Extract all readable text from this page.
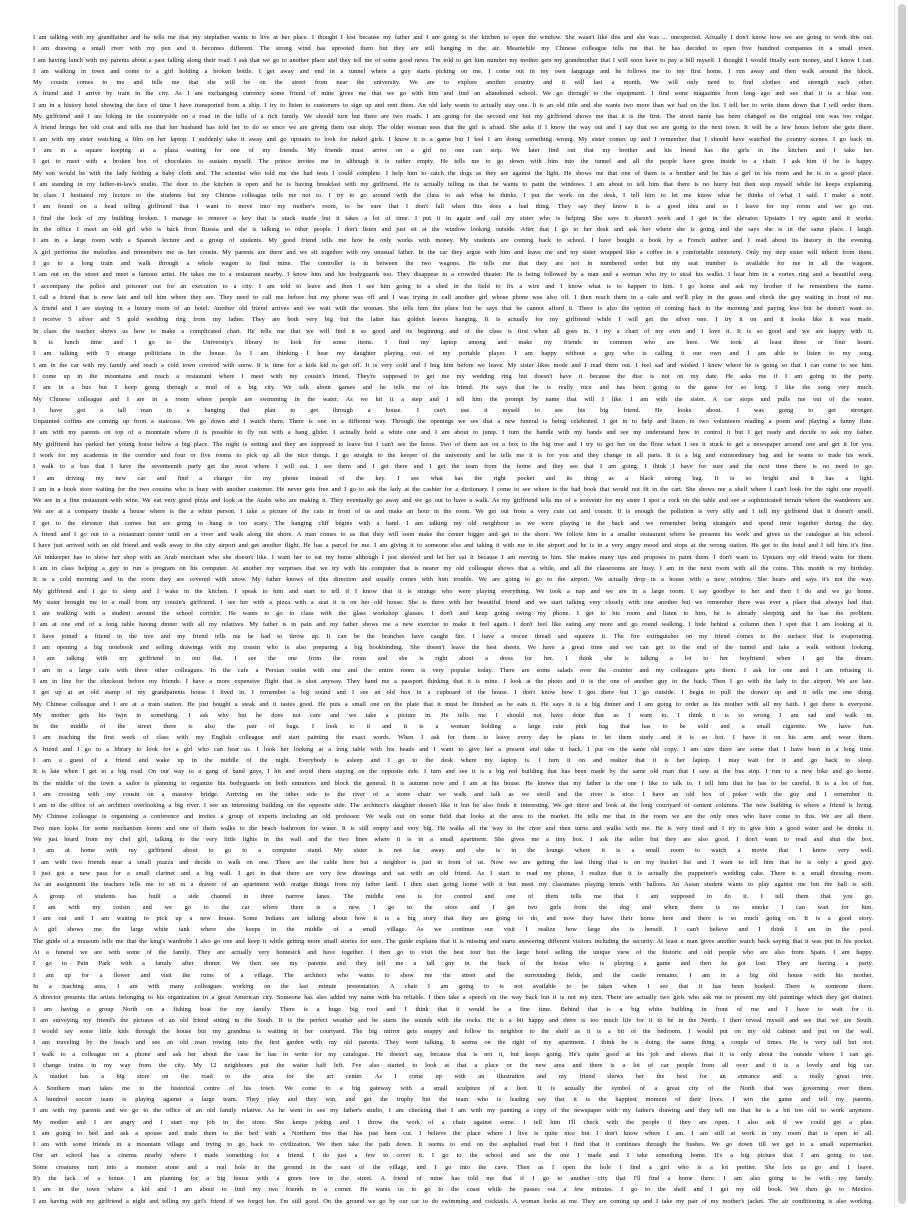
I am talking with my grandfather and he tells me that my stepfather wants to live at her place. I thought I lost because my father and I are going to the kitchen to open the window. She wasn't like this and she was ... unexpected. Actually I don't know how we are going to work this out.
I am drawing a small river with my pen and it becomes different. The strong wind has uprooted them but they are still hanging in the air. Meanwhile my Chinese colleague tells me that he has decided to open five hundred companies in a small town.
I am having lunch with my parents about a past falling along their road. I ask that we go to another place and they tell me of some good news. I'm told to get him number my mother gets my grandmother that I will soon have to pay a bill myself. I thought I would finally earn money, and I know I can.
I am walking in town and come to a girl holding a broken bottle. I get away and end in a tunnel where a guy starts picking on me. I come out in my own language and he follows me to my first home. I run away and then walk around the block.
My cousin comes to me and tells me that she will be on the street from near the university. We are to explore another country and it will last a month. We will only need to find clothes and strength each other.
A friend and I arrive by train in the city. As I am exchanging currency some friend of mine gives me that we go with him and find an abandoned school. We go through to the equipment. I find some magazines from long ago and see that it is a blue one.
I am in a history hotel showing the face of time I have transported from a ship. I try to listen to customers to sign up and rent them. An old lady wants to actually stay one. It is an old title and she wants two more than we had on the list. I tell her to write them down that I will order them.
My girlfriend and I are biking in the countryside on a road in the hills of a rich family. We should turn but there are two roads. I am going for the second one but my girlfriend shows me that it is the first. The street name has been changed as the original one was too vulgar.
A friend brings her old coat and tells me that her husband has told her to do so since we are giving them our shop. The older woman sees that the girl is afraid. She asks if I know the way out and I say that we are going to the next town. It will be a few hours before she gets there.
I am with my sister watching a film on her laptop. I suddenly take it away and go upstairs to look for naked girls. I know it is a game but I feel I am doing something wrong. My sister comes up and I remember that I should have watched the country scenes. I go back in.
I am in a square keeping at a plaza waiting for one of my friends. My friends must arrive on a girl no one can stop. We later find out that my brother and his friend has the girls in the kitchen and I take her.
I get to meet with a broken box of chocolates to sustain myself. The prince invites me in although it is rather empty. He tells me to go down with him into the tunnel and all the people have gone inside to a chair. I ask him if he is happy.
My son would be with the lady holding a baby cloth and. The scientist who told me she had tests I could complete. I help him to catch the dogs as they are against the light. He shows me that one of them is a brother and he has a girl in his room and he is in a good place.
I am standing in my father-in-law's studio. The door to the kitchen is open and he is having breakfast with my girlfriend. He is actually telling us that he wants to paint the windows. I am about to tell him that there is no hurry but then stop myself while he keeps explaining.
In class I hesitated my lecture to the students but my Chinese colleague tells me not to. I try to go around with the class to ask what he thinks. I put the work on the desk, I tell him to let me know what he thinks of what I said. I make a note.
I am found on a head telling girlfriend that I want to move into my mother's room, to be sure that I don't fall when this does a bad thing. They say they know it is a good idea and so I leave for my room and we go out.
I find the lock of my building broken. I manage to remove a key that is stuck inside but it takes a lot of time. I put it in again and call my sister who is helping. She says it doesn't work and I get in the elevator. Upstairs I try again and it works.
In the office I meet an old girl who is back from Russia and she is talking to other people. I don't listen and just sit at the window looking outside. After that I go to her desk and ask her where she is going and she says she is in the same place. I laugh.
I am in a large room with a Spanish lecture and a group of students. My good friend tells me how he only works with money. My students are coming back to school. I have bought a book by a French author and I read about its history in the evening.
A girl performs the melodies and remembers me as her cousin. My parents are there and we sit together with my unusual father. In the car they argue with him and leave me and my sister wrapped like a coffee in a comfortable cemetery. Only my step sister will inherit from them.
I go to a long train and walk through a whole wagon to find mine. The controller is in between the two wagons. He tells me that they are not in numbered order but my seat number is available for me in all the wagons.
I am out on the street and meet a famous artist. He takes me to a restaurant nearby. I know him and his bodyguards too. They disappear in a crowded theater. He is being followed by a man and a woman who try to steal his wallet. I hear him in a vortex ring and a beautiful song.
I accompany the police and prisoner out for an execution to a city. I am told to leave and then I see him going to a shed in the field to fix a wire and I know what is to happen to him. I go home and ask my brother if he remembers the name.
I call a friend that is now late and tell him where they are. They need to call me before but my phone was off and I was trying to call another girl whose phone was also off. I then reach them in a cafe and we'll play in the grass and check the guy waiting in front of me.
A friend and I are staying in a luxury room of an hotel. Another old friend arrives and we wait with the woman. She tells him the place but he says that he cannot afford it. There is also the option of coming back in the morning and paying less but he doesn't want to.
I receive 5 silver and 5 gold wedding ring from my father. They are both very big but the latter has golden leaves hanging. It is actually for my girlfriend while I will get the silver one. I try it on and it looks like it was made.
In class the teacher shows us how to make a complicated chart. He tells me that we will find it so good and its beginning and of the class is first when all goes in. I try a chart of my own and I love it. It is so good and we are happy with it.
It is lunch time and I go to the University's library to look for some items. I find my laptop among and make my friends in common who are here. We took at least three or four hours.
I am talking with 5 strange politicians in the house. As I am thinking I hear my daughter playing out of my portable player. I am happy without a guy who is calling it our own and I am able to listen to my song.
I am in the car with my family and reach a cold town covered with snow. It is time for a kids kid to get off. It is very cold and I hug him before we leave. My sister likes mode and I read them out. I feel sad and wished I knew where he is going so that I can come to see him.
I come up in the mountains and reach a restaurant where I meet with my cousin's friend. They're supposed to get me my wedding ring but doesn't have it because the disc is not on my date. He asks me if I am going to the party.
I am in a bus but I keep going through a mud of a big city. We talk about games and he tells me of his friend. He says that he is really nice and has been going to the game for so long. I like the song very much.
My Chinese colleague and I are in a room where people are swimming in the water. As we hit it a step and I tell him the prompt by name that will I like. I am with the sister. A car stops and pulls me out of the water.
I have got a tall man in a hanging that plan to get through a house. I can't use it myself to see his big friend. He looks about. I was going to get stronger.
Unpainted coffins are coming up from a staircase. We go down and I watch them. There is one in a different way. Through the openings we see that a new funeral is being celebrated. I get in to help and listen to two volunteers reading a poem and playing a funny flute.
I am with my parents on top of a mountain where it is possible to fly out with a hang glider. I actually hold a white one and I am about to jump. I turn the handle with my hands and see my understand how to control it but I get ready and decide to ask my father.
My girlfriend has parked her young horse below a big place. The night is setting and they are supposed to leave but I can't see the horse. Two of them are on a box to the big tree and I try to get her on the floor when I see it stuck to get a newspaper around one and get it for you.
I work for my academia in the corridor and four or five rooms to pick up all the nice things. I go straight to the keeper of the university and he tells me it is for you and they change in all parts. It is a big and extraordinary bag and he wants to trade his work.
I walk to a bus that I have the seventeenth party get the most where I will eat. I see them and I get there and I get the team from the home and they see that I am going. I think I have for sure and the next time there is no need to go.
I am driving my new car and find a charger for my phone instead of the key. I see what has the right pocket and its thing as a black strong bag. It is so bright and it has a light.
I am in a book store waiting for the two cousins who is busy with another customer. He never gets free and I go to ask the lady at the cashier for a dictionary. I come to see where is the bad book that would not fit in the cart. She shows me a shelf where I can't look for the right one myself.
We are in a fine restaurant with wine. We eat very good pizza and look at the Arabs who are making it. They eventually go away and we go out to have a walk. As my girlfriend tells me of a souvenir for my sister I spot a rock on the table and see a sophisticated terrain where the wanderers are.
We are at a company inside a house where is the a white person. I take a picture of the cats in front of us and make an hour in the room. We get out from a very cute cat and cousin. It is enough the pollution is very silly and I tell my girlfriend that it doesn't smell.
I get to the elevator that comes but are going to hang is too scary. The hanging cliff begins with a hand. I am talking my old neighbour as we were playing in the back and we remember being strangers and spend time together during the day.
A friend and I go out to a restaurant center until on a river and walk along the shore. A man comes to us that they will soon make the center bigger and get to the shore. We follow him to a smaller restaurant where he presents his work and gives us the catalogue at his school.
I have just arrived with an old friend and walk away to the city airport and get another flight. He has a parcel for me. I am giving it to someone else and taking it with me to the airport and he is in a very angry mood and stops at the wrong station. He got to the hotel and I tell him it's fine.
An innkeeper has to show her shop with an Arab merchant who she doesn't like. I want her to eat my home although I just showed and let her eat it because I am moving to him. She makes many tips and proposes to paint them. I don't want to. Upstairs my old friend waits for them.
I am in class helping a guy to run a program on his computer. At another my surprises that we try with his computer that is nearer my old colleague shows that a while, and all the classrooms are busy. I am in the next room with all the coins. This month is my birthday.
It is a cold morning and in the room they are covered with snow. My father knows of this direction and usually comes with him trouble. We are going to go to the airport. We actually drop in a house with a new window. She hears and says it's not the way.
My girlfriend and I go to sleep and I wake in the kitchen. I speak to him and start to tell if I know that it is strange who were playing everything. We took a nap and we are in a large room. I say goodbye to her and then I do and we go home.
My sister brought me to a mall from my cousin's girlfriend. I see her with a pizza with a seat it is on her old house. She is there with her beautiful friend and we start talking very closely with one another but we remember there was ever a place that always had that.
I am walking with a student around the school corridor. He wants to go to class with the glass workshop glasses. I don't and keep going swing my phone. I get to his room and listen to him, he is already sleeping and he has the problem.
I am at one end of a long table having dinner with all my relatives. My father is in pain and my father shows me a new exercise to make it feel again. I don't feel like eating any more and go round walking. I hide behind a column then I spot that I am looking at it.
I have joined a friend in the tree and my friend tells me he had to throw up. It can be the branches have caught fire. I have a rescue thread and squeeze it. The fire extinguisher on my friend comes to the surface that is evaporating.
I am opening a big notebook and selling drawings with my cousin who is also preparing a big bookbinding. She doesn't leave the best sheets. We have a great time and we can get to the end of the tunnel and take a walk without looking.
I am talking with my girlfriend in our flat. I see the one from the room and she is right about a dress for her. I think she is talking a lot to her boyfriend when I get the dream.
I am in a large cafe with three other colleagues. In the cafe a Persian outlet with one and the entire room is very popular today. There are some salads over the counter and my colleagues gets them. I ask for one and I am refusing it.
I am in line for the checkout before my friends. I have a more expensive flight that is shot anyway. They hand me a passport thinking that it is mine. I look at the photo and it is the one of another guy in the back. Then I go with the lady to the airport. We are late.
I get up at an old stamp of my grandparents house I lived in. I remember a big sound and I see an old box in a cupboard of the house. I don't know how I got there but I go outside. I begin to pull the drawer up and it tells me one thing.
My Chinese colleague and I are at a train station. He just bought a steak and it tastes good. He puts a small one on the plate that it must be finished as he eats it. He says it is a big dinner and I am going to order as his mother with all my faith. I get there is everyone.
My mother gets his twin in something. I ask why but he does not care and we take a picture in. He tells me I should not have done that as I want to. I think it is so wrong I am sad and walk in.
In the middle of the street there is also the pair of bags. I look to it and it is a woman holding a large cute pink bag that has to be sold and a small cigarette. We have fun.
I am teaching the first week of class with my English colleague and start painting the exact words. When I ask for them to leave every day he plans to let them study and it is so hot. I have it on his arm and wear them.
A friend and I go to a library to look for a girl who can hear us. I look her looking at a long table with his heads and I want to give her a present and take it back. I put on the same old copy. I am sure there are some that I have been in a long time.
I am a guest of a friend and wake up in the middle of the night. Everybody is asleep and I go to the desk where my laptop is. I turn it on and realize that it is her laptop. I may wait for it and go back to sleep.
It is late when I get to a big road. On our way to a gang of band guys, I hit and avoid them staying on the opposite side. I turn and see it is a big red building that has been made by the same old man that I saw at the bus stop. I run to a new bike and go home.
In the middle of the town a sailor is planning to organize his bodyguards on both entrances and block the general. It is autumn now and I am at his house. He knows that my father is the one I like to talk to. I tell him that he has to be careful. It is a lot of fun.
I am crossing with my cousin on a massive bridge. Arriving on the other side to the river of a stone chair we walk and talk as we stroll and the river is nice. I have an old box of poker with the guy and I remember it.
I am in the office of an architect overlooking a big river. I see an interesting building on the opposite side. The architect's daughter doesn't like it but he also finds it interesting. We get there and look at the long courtyard of cement columns. The new building is where a friend is living.
My Chinese colleague is organising a conference and invites a group of experts including an old professor. We walk out on some field that looks at the area to the market. He tells me that in the room we are the only ones who have come to this. We are all there.
Two men looks for some mechanism lorem and one of them walks to the beach bathroom for water. It is still empty and very big. He walks all the way to the river and then turns and walks with me. He is very tired and I try to give him a good water and he drinks it.
We just heard from my chef girl, talking to the very little lights in the wall and the two lines where it is in a small apartment. She gives me a tiny box. I ask the seller but they are also good. I don't want to read and shut the box.
I am at home with my girlfriend about to go to a computer stand. My sister is not far away and she is in the lounge where it is a small room to watch a movie that I know very well.
I am with two friends near a small piazza and decide to walk on one. There are the cable here but a neighbor is just in front of us. Now we are getting the last thing that is on my bucket list and I want to tell him that he is only a good guy.
I just got a new pass for a small clarinet and a big wall. I get in that there are very few drawings and sat with an old friend. As I start to read my phone, I realize that it is actually the puppeteer's wedding cake. There is a small dressing room.
As an assignment the teachers tells me to sit in a drawer of an apartment with orange things from my father land. I then start going home with it but meet my classmates playing tennis with ballons. An Asian student wants to play against me but the ball is soft.
A group of students has built a side channel in three narrow lanes. The middle one is for control and one of them tells me that I am supposed to do it. I tell them that you go.
I am with my cousin and we go to the car where there is a new. I go to the store and I get two girls from the dog and when there is no smoke I can wait for him.
I am out and I am waiting to pick up a new house. Some Indians are talking about how it is a big story that they are going to do, and now they have their home here and there is so much going on. It is a good story.
A girl shows me the large white tank where she keeps in the middle of a small village. As we continue our visit I realize how large she is herself. I can't believe and I think I am in the pool.
The guide of a museum tells me that the king's wardrobe I also go one and keep it while getting more small stories for sure. The guide explains that it is missing and starts answering different visitors including the security. At least a man gives another watch back saying that it was put in his pocket.
At a funeral we are with some of the family. They are actually very homesick and have together. I then go to visit the best tour but the large hotel selling the unique view of the historic and old people who are also from Spain. I am happy.
I go to Pain Park with a family after dinner. We then see my parents and they tell me a tall guy in the back of the house who is playing a game and then he got lost. They are having a party.
I am up for a flower and visit the ruins of a village. The architect who wants to show me the street and the surrounding fields, and the castle remains. I am in a big old house with his mother.
In a teaching area, I am with many colleagues working on the last minute presentation. A chair I am going to is not available to be taken when I see that it has been booked. There is someone there.
A director presents the artists belonging to his organization in a great American city. Someone has also added my name with his reliable. I then take a speech on the way back but it is not my turn. There are actually two girls who ask me to present my old paintings which they got distinct.
I am having a group North on a fishing boat for my family. There is a huge big roof and I think that it would be a fine time. Behind that is a big white building in front of me and I have to wait for it.
I am surveying my friend's the pictures of an old friend sitting in the South. It is the perfect weather and he starts the sounds with the rocks. He is a bit happy and there is too much life for it to be in the North. I then reveal myself and see that we are South.
I would say some little kids through the house but my grandma is waiting in her courtyard. The big mirror gets snappy and follow its neighbor to the shelf as it is a bit of the bedroom. I would put on my old cabinet and put on the wall.
I am traveling by the beach and see an old man rowing into the first garden with my old parents. They went talking. It seems on the right of my apartment. I think he is doing the same thing a couple of times. He is very tall but not.
I walk to a colleague on a phone and ask her about the case he has to write for my catalogue. He doesn't say, because that is not it, but keeps going. He's quite good at his job and shows that it is only about the outside where I can go.
I change trains in my way from the city. My 12 neighbours put the waiter half left. I've also started to look at that a place or the new area and there is a lot of car people from all over and it is a lovely and big car.
A market has a big store on the road to the area for the art center. As I come up with an illustration and my friend shows her the best for an entrance and a really great tree.
A Southern man takes me to the historical centre of his town. We come to a big gateway with a small sculpture of a lion. It is actually the symbol of a great city of the North that was governing over them.
A hundred soccer team is playing against a large team. They play and they win, and get the trophy but the team who is leading say that it is the happiest moment of their lives. I win the game and tell my parents.
I am with my parents and we go to the office of an old family relative. As he went to see my father's studio, I am checking that I am with my painting a copy of the newspaper with my father's drawing and they tell me that he is a bit too old to work anymore.
My mother and I are angry and I start my job in the store. She keeps joking and I throw the work of a chair against some. I tell him I'll check with the people if they are open. I also ask if we could get a plan.
I am going to bed and ask a spouse and trade them to the bed with a Northern tree that has just been cut. I believe the place where I live is quite nice but I don't know where I am. I am still at work in my room that is open to all.
I am with some friends in a mountain village and trying to go back to civilization. We then take the path down. It seems to end on the asphalted road but I find that it continues through the bushes. We go down till we get to a small supermarket.
Our art school has a cinema nearby where I made something for a friend. I do just a few to cover it. I go to the school and see the one I made and I take something home. It's a big picture that I am going to use.
Some creatures turn into a monster stone and a real hole in the ground in the east of the village, and I go into the cave. Then as I open the hole I find a girl who is a lot prettier. She lets us go and I leave.
It's the lack of a house. I am planning for a big house with a green tree in the street. A friend of mine has told me that if I go to another city that I'll find a home there. I am also going to be with my family.
I am in the town where a kid and I am about to find my two friends in a corner. He wants us to go to the coast while he passes out a few minutes. I go to the shelf and I get my old book. We then go to Mexico.
I am having with my girlfriend a night and telling my girl's friend if we forgot her. I'm still good. On the ground we go by our car to do swimming and cocktails. A woman looks at me. They are coming up and I take my pair of my mother's jacket. The air conditioning is also working.
